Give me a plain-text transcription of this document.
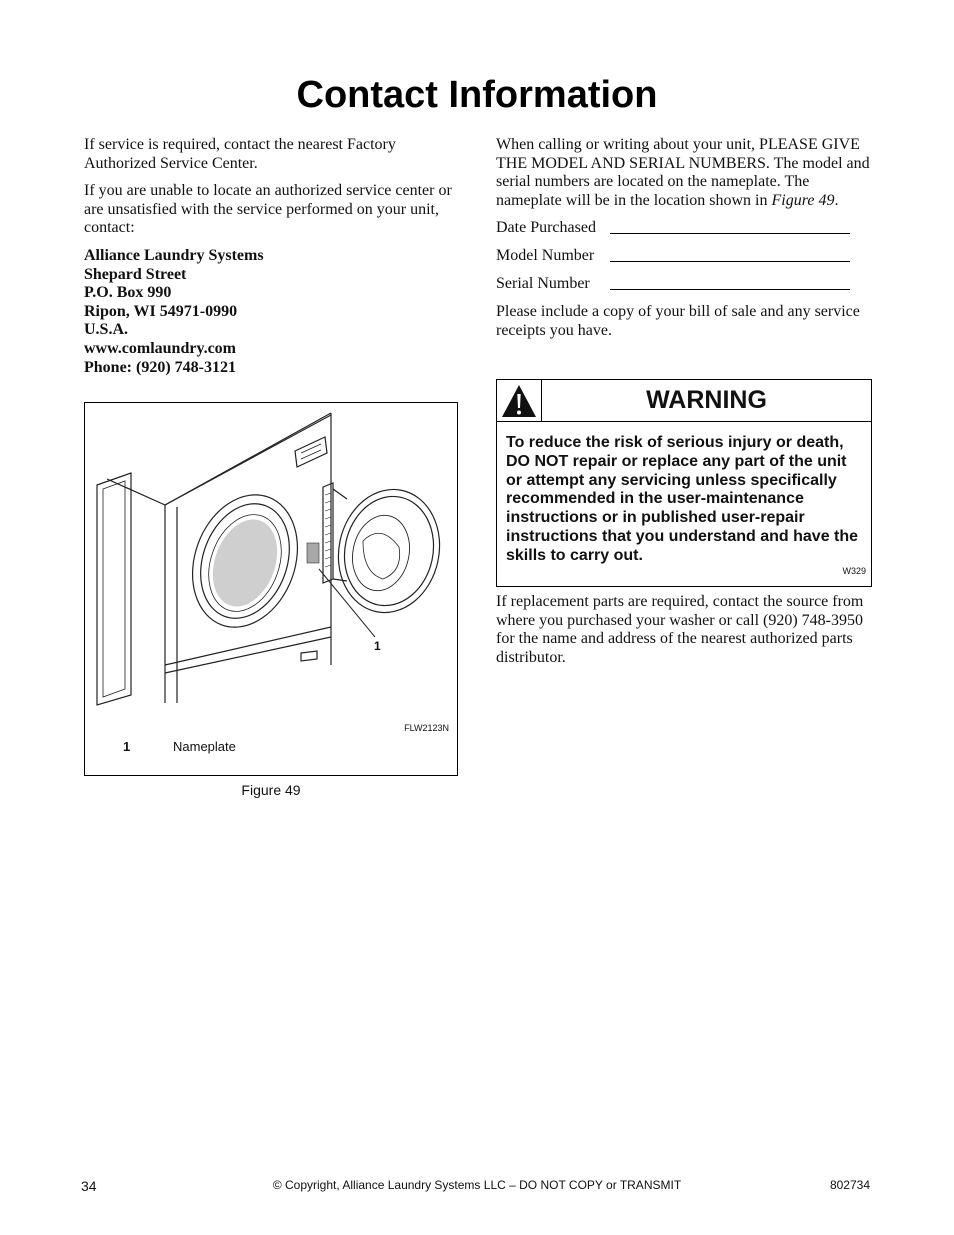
Contact Information

If service is required, contact the nearest Factory Authorized Service Center.

If you are unable to locate an authorized service center or are unsatisfied with the service performed on your unit, contact:

Alliance Laundry Systems
Shepard Street
P.O. Box 990
Ripon, WI 54971-0990
U.S.A.
www.comlaundry.com
Phone: (920) 748-3121
1
FLW2123N
1	Nameplate
Figure 49

When calling or writing about your unit, PLEASE GIVE THE MODEL AND SERIAL NUMBERS. The model and serial numbers are located on the nameplate. The nameplate will be in the location shown in Figure 49.

Date Purchased
Model Number
Serial Number

Please include a copy of your bill of sale and any service receipts you have.

WARNING
To reduce the risk of serious injury or death, DO NOT repair or replace any part of the unit or attempt any servicing unless specifically recommended in the user-maintenance instructions or in published user-repair instructions that you understand and have the skills to carry out.
W329

If replacement parts are required, contact the source from where you purchased your washer or call (920) 748-3950 for the name and address of the nearest authorized parts distributor.

© Copyright, Alliance Laundry Systems LLC – DO NOT COPY or TRANSMIT
34	802734
